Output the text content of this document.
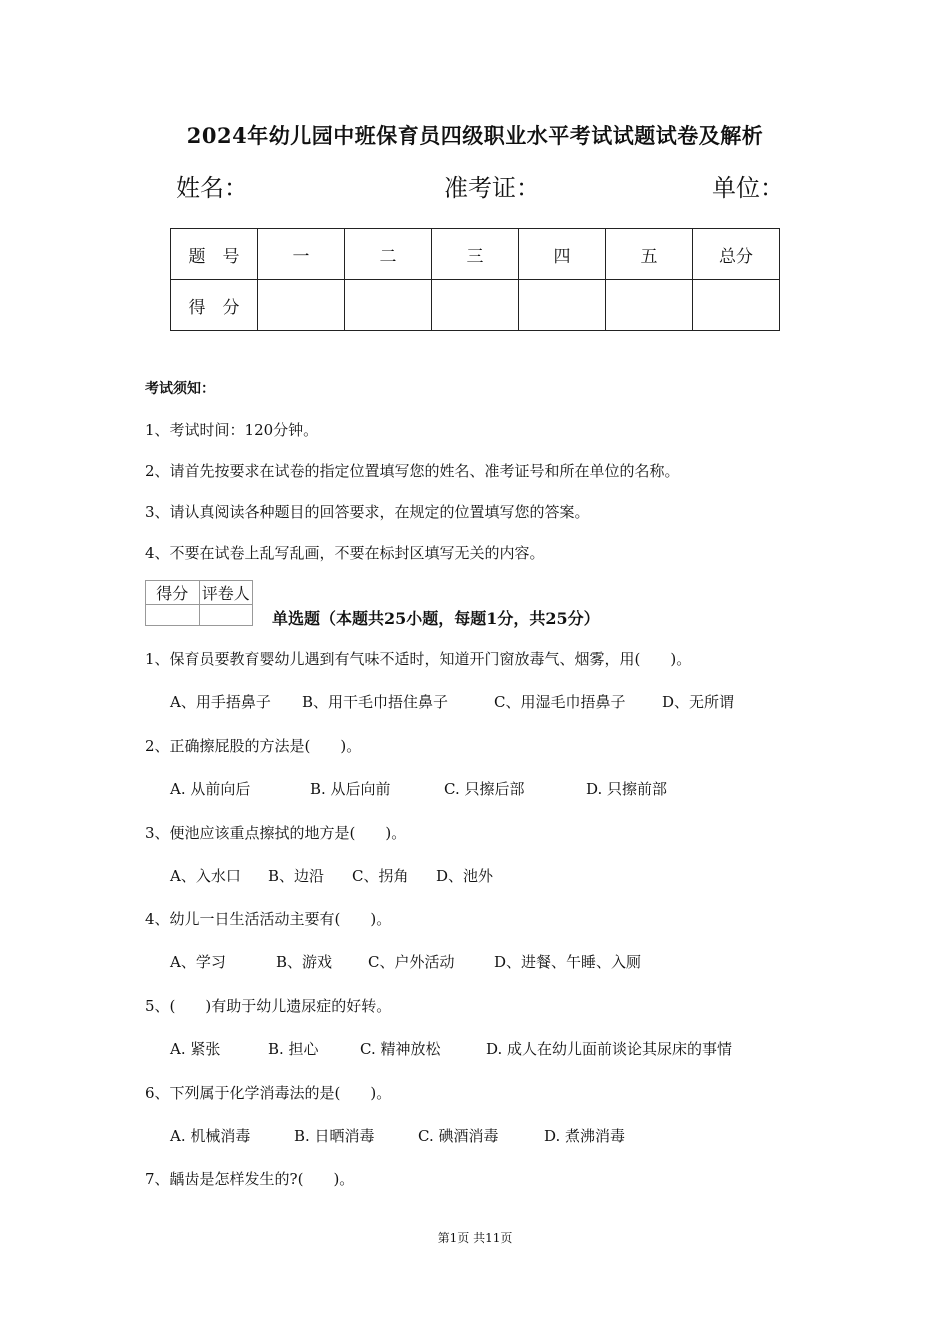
2024年幼儿园中班保育员四级职业水平考试试题试卷及解析
姓名：	准考证：	单位：
题　号	一	二	三	四	五	总分
得　分						
考试须知：
1、考试时间：120分钟。
2、请首先按要求在试卷的指定位置填写您的姓名、准考证号和所在单位的名称。
3、请认真阅读各种题目的回答要求，在规定的位置填写您的答案。
4、不要在试卷上乱写乱画，不要在标封区填写无关的内容。
得分	评卷人

单选题（本题共25小题，每题1分，共25分）
1、保育员要教育婴幼儿遇到有气味不适时，知道开门窗放毒气、烟雾，用(　　)。
A、用手捂鼻子 B、用干毛巾捂住鼻子	C、用湿毛巾捂鼻子 D、无所谓
2、正确擦屁股的方法是(　　)。
A. 从前向后	B. 从后向前	C. 只擦后部	D. 只擦前部
3、便池应该重点擦拭的地方是(　　)。
A、入水口 B、边沿 C、拐角 D、池外
4、幼儿一日生活活动主要有(　　)。
A、学习	B、游戏 C、户外活动	D、进餐、午睡、入厕
5、(　　)有助于幼儿遗尿症的好转。
A. 紧张	B. 担心	C. 精神放松	D. 成人在幼儿面前谈论其尿床的事情
6、下列属于化学消毒法的是(　　)。
A. 机械消毒	B. 日晒消毒	C. 碘酒消毒	D. 煮沸消毒
7、龋齿是怎样发生的?(　　)。
第1页 共11页
